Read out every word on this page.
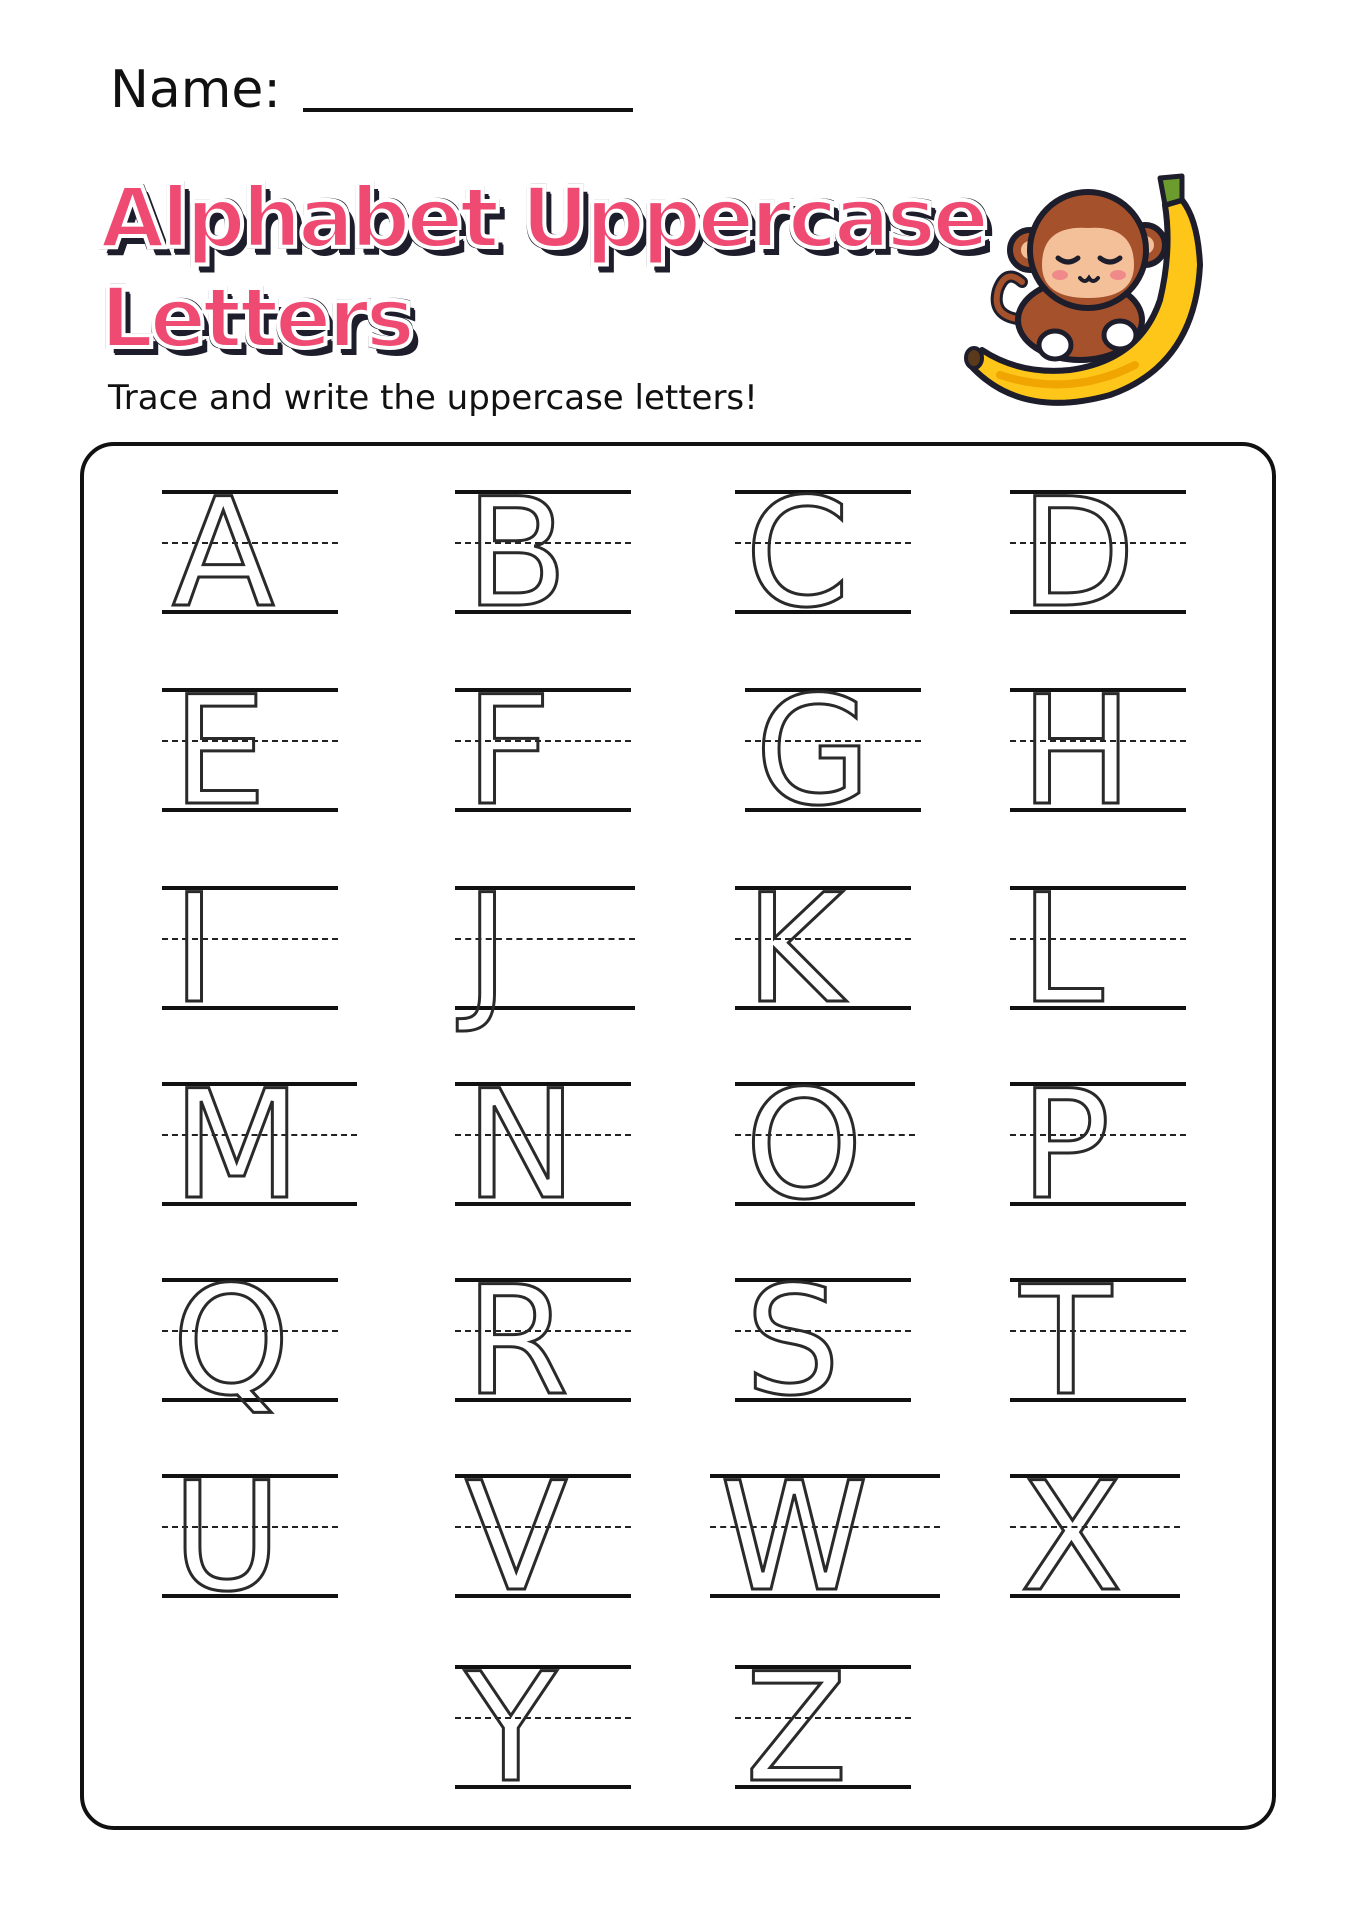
Name:
Alphabet Uppercase
Letters
Trace and write the uppercase letters!
A B C D
E F G H
I J K L
M N O P
Q R S T
U V W X
Y Z
